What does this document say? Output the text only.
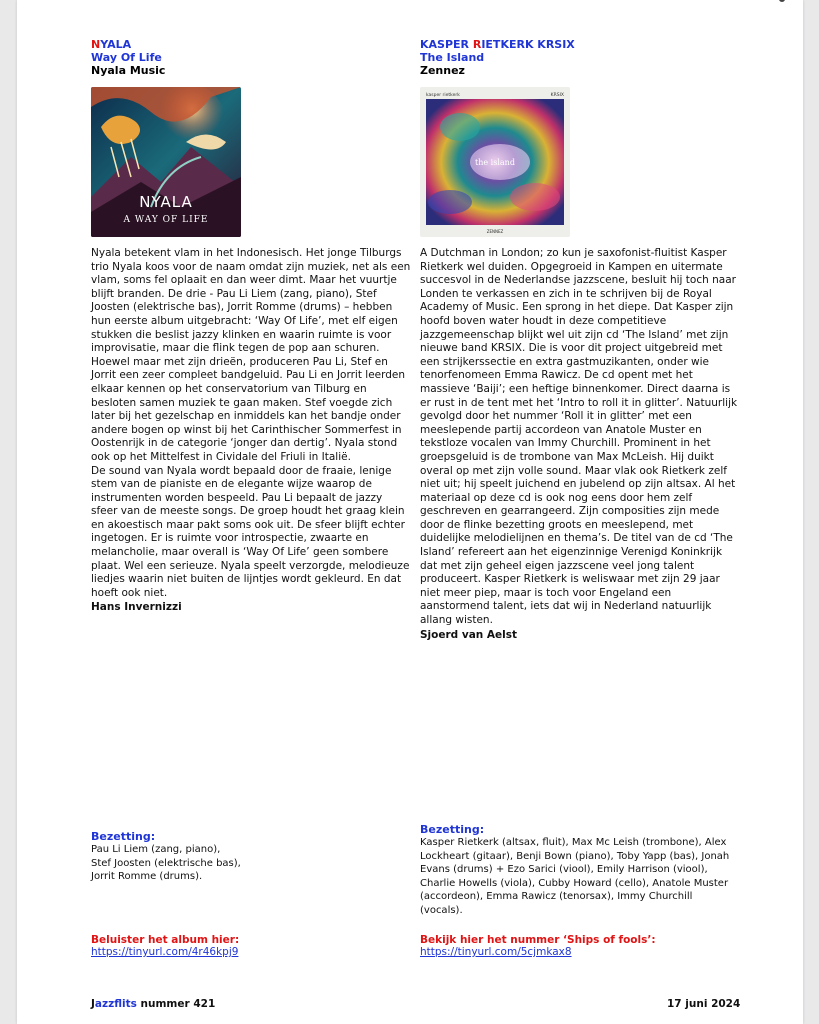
NYALA
Way Of Life
Nyala Music
NYALA
A WAY OF LIFE

Nyala betekent vlam in het Indonesisch. Het jonge Tilburgs trio Nyala koos voor de naam omdat zijn muziek, net als een vlam, soms fel oplaait en dan weer dimt. Maar het vuurtje blijft branden. De drie - Pau Li Liem (zang, piano), Stef Joosten (elektrische bas), Jorrit Romme (drums) – hebben hun eerste album uitgebracht: ‘Way Of Life’, met elf eigen stukken die beslist jazzy klinken en waarin ruimte is voor improvisatie, maar die flink tegen de pop aan schuren.

Hoewel maar met zijn drieën, produceren Pau Li, Stef en Jorrit een zeer compleet bandgeluid. Pau Li en Jorrit leerden elkaar kennen op het conservatorium van Tilburg en besloten samen muziek te gaan maken. Stef voegde zich later bij het gezelschap en inmiddels kan het bandje onder andere bogen op winst bij het Carinthischer Sommerfest in Oostenrijk in de categorie ‘jonger dan dertig’. Nyala stond ook op het Mittelfest in Cividale del Friuli in Italië.

De sound van Nyala wordt bepaald door de fraaie, lenige stem van de pianiste en de elegante wijze waarop de instrumenten worden bespeeld. Pau Li bepaalt de jazzy sfeer van de meeste songs. De groep houdt het graag klein en akoestisch maar pakt soms ook uit. De sfeer blijft echter ingetogen. Er is ruimte voor introspectie, zwaarte en melancholie, maar overall is ‘Way Of Life’ geen sombere plaat. Wel een serieuze. Nyala speelt verzorgde, melodieuze liedjes waarin niet buiten de lijntjes wordt gekleurd. En dat hoeft ook niet.

Hans Invernizzi
KASPER RIETKERK KRSIX
The Island
Zennez
kasper rietkerk	KRSIX
the island
ZENNEZ

A Dutchman in London; zo kun je saxofonist-fluitist Kasper Rietkerk wel duiden. Opgegroeid in Kampen en uitermate succesvol in de Nederlandse jazzscene, besluit hij toch naar Londen te verkassen en zich in te schrijven bij de Royal Academy of Music. Een sprong in het diepe. Dat Kasper zijn hoofd boven water houdt in deze competitieve jazzgemeenschap blijkt wel uit zijn cd ‘The Island’ met zijn nieuwe band KRSIX. Die is voor dit project uitgebreid met een strijkerssectie en extra gastmuzikanten, onder wie tenorfenomeen Emma Rawicz. De cd opent met het massieve ‘Baiji’; een heftige binnenkomer. Direct daarna is er rust in de tent met het ‘Intro to roll it in glitter’. Natuurlijk gevolgd door het nummer ‘Roll it in glitter’ met een meeslepende partij accordeon van Anatole Muster en tekstloze vocalen van Immy Churchill. Prominent in het groepsgeluid is de trombone van Max McLeish. Hij duikt overal op met zijn volle sound. Maar vlak ook Rietkerk zelf niet uit; hij speelt juichend en jubelend op zijn altsax. Al het materiaal op deze cd is ook nog eens door hem zelf geschreven en gearrangeerd. Zijn composities zijn mede door de flinke bezetting groots en meeslepend, met duidelijke melodielijnen en thema’s. De titel van de cd ‘The Island’ refereert aan het eigenzinnige Verenigd Koninkrijk dat met zijn geheel eigen jazzscene veel jong talent produceert. Kasper Rietkerk is weliswaar met zijn 29 jaar niet meer piep, maar is toch voor Engeland een aanstormend talent, iets dat wij in Nederland natuurlijk allang wisten.

Sjoerd van Aelst
Bezetting:
Pau Li Liem (zang, piano),
Stef Joosten (elektrische bas),
Jorrit Romme (drums).
Beluister het album hier:
https://tinyurl.com/4r46kpj9
Bezetting:
Kasper Rietkerk (altsax, fluit), Max Mc Leish (trombone), Alex Lockheart (gitaar), Benji Bown (piano), Toby Yapp (bas), Jonah Evans (drums) + Ezo Sarici (viool), Emily Harrison (viool), Charlie Howells (viola), Cubby Howard (cello), Anatole Muster (accordeon), Emma Rawicz (tenorsax), Immy Churchill (vocals).
Bekijk hier het nummer ‘Ships of fools’:
https://tinyurl.com/5cjmkax8
Jazzflits nummer 421	17 juni 2024
